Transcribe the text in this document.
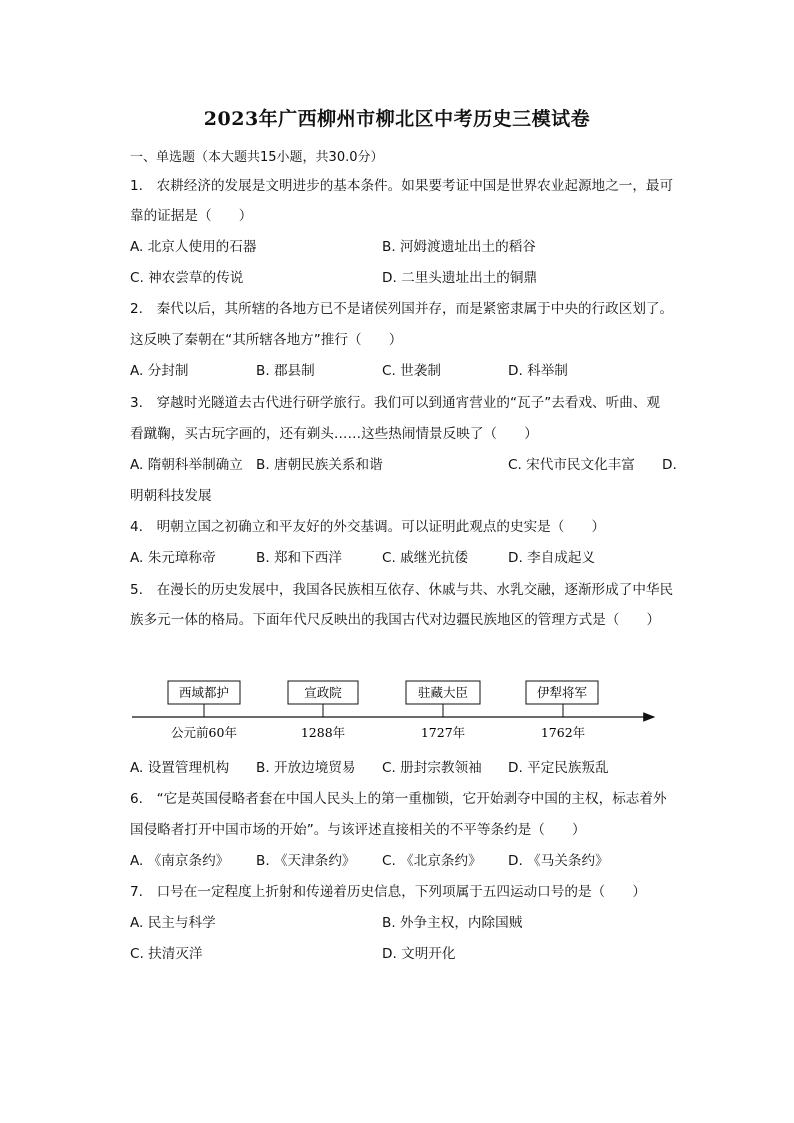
2023年广西柳州市柳北区中考历史三模试卷
一、单选题（本大题共15小题，共30.0分）
1.　农耕经济的发展是文明进步的基本条件。如果要考证中国是世界农业起源地之一，最可
靠的证据是（　　）
A. 北京人使用的石器	B. 河姆渡遗址出土的稻谷
C. 神农尝草的传说	D. 二里头遗址出土的铜鼎
2.　秦代以后，其所辖的各地方已不是诸侯列国并存，而是紧密隶属于中央的行政区划了。
这反映了秦朝在“其所辖各地方”推行（　　）
A. 分封制	B. 郡县制	C. 世袭制	D. 科举制
3.　穿越时光隧道去古代进行研学旅行。我们可以到通宵营业的“瓦子”去看戏、听曲、观
看蹴鞠，买古玩字画的，还有剃头……这些热闹情景反映了（　　）
A. 隋朝科举制确立 B. 唐朝民族关系和谐	C. 宋代市民文化丰富 D.
明朝科技发展
4.　明朝立国之初确立和平友好的外交基调。可以证明此观点的史实是（　　）
A. 朱元璋称帝	B. 郑和下西洋	C. 戚继光抗倭	D. 李自成起义
5.　在漫长的历史发展中，我国各民族相互依存、休戚与共、水乳交融，逐渐形成了中华民
族多元一体的格局。下面年代尺反映出的我国古代对边疆民族地区的管理方式是（　　）
西域都护
公元前60年
宣政院
1288年
驻藏大臣
1727年
伊犁将军
1762年
A. 设置管理机构 B. 开放边境贸易 C. 册封宗教领袖 D. 平定民族叛乱
6.　“它是英国侵略者套在中国人民头上的第一重枷锁，它开始剥夺中国的主权，标志着外
国侵略者打开中国市场的开始”。与该评述直接相关的不平等条约是（　　）
A. 《南京条约》 B. 《天津条约》 C. 《北京条约》 D. 《马关条约》
7.　口号在一定程度上折射和传递着历史信息，下列项属于五四运动口号的是（　　）
A. 民主与科学	B. 外争主权，内除国贼
C. 扶清灭洋	D. 文明开化
